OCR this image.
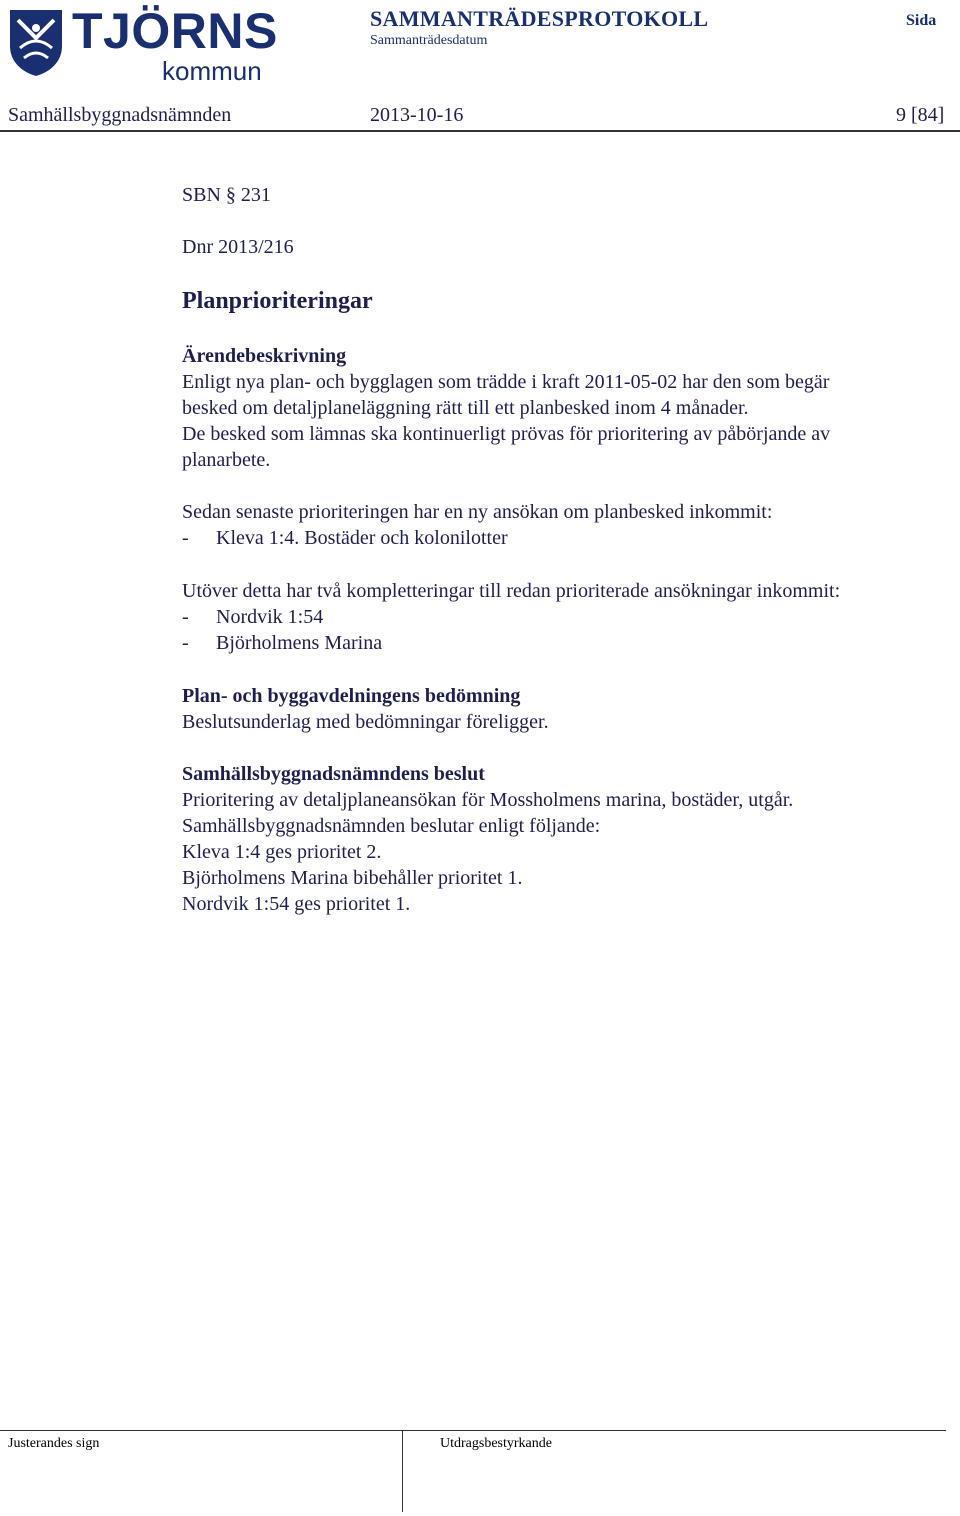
TJÖRNS
kommun
SAMMANTRÄDESPROTOKOLL
Sammanträdesdatum
Sida
Samhällsbyggnadsnämnden	2013-10-16	9 [84]
SBN § 231
Dnr 2013/216
Planprioriteringar

Ärendebeskrivning

Enligt nya plan- och bygglagen som trädde i kraft 2011-05-02 har den som begär

besked om detaljplaneläggning rätt till ett planbesked inom 4 månader.

De besked som lämnas ska kontinuerligt prövas för prioritering av påbörjande av

planarbete.

Sedan senaste prioriteringen har en ny ansökan om planbesked inkommit:

-	Kleva 1:4. Bostäder och kolonilotter

Utöver detta har två kompletteringar till redan prioriterade ansökningar inkommit:

-	Nordvik 1:54
-	Björholmens Marina

Plan- och byggavdelningens bedömning

Beslutsunderlag med bedömningar föreligger.

Samhällsbyggnadsnämndens beslut

Prioritering av detaljplaneansökan för Mossholmens marina, bostäder, utgår.

Samhällsbyggnadsnämnden beslutar enligt följande:

Kleva 1:4 ges prioritet 2.

Björholmens Marina bibehåller prioritet 1.

Nordvik 1:54 ges prioritet 1.

Justerandes sign	Utdragsbestyrkande
